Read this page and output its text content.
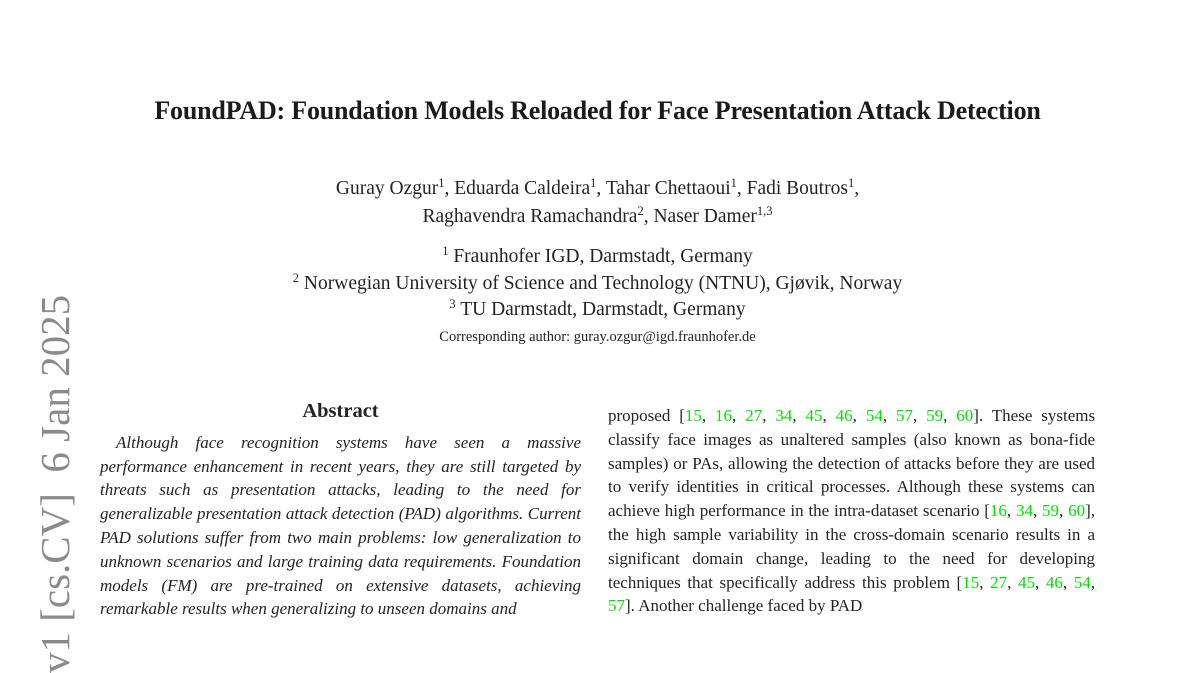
v1 [cs.CV]  6 Jan 2025
FoundPAD: Foundation Models Reloaded for Face Presentation Attack Detection
Guray Ozgur$^1$, Eduarda Caldeira$^1$, Tahar Chettaoui$^1$, Fadi Boutros$^1$,
Raghavendra Ramachandra$^2$, Naser Damer$^{1,3}$
$^1$ Fraunhofer IGD, Darmstadt, Germany
$^2$ Norwegian University of Science and Technology (NTNU), Gjøvik, Norway
$^3$ TU Darmstadt, Darmstadt, Germany
Corresponding author: guray.ozgur@igd.fraunhofer.de
Abstract

Although face recognition systems have seen a massive performance enhancement in recent years, they are still targeted by threats such as presentation attacks, leading to the need for generalizable presentation attack detection (PAD) algorithms. Current PAD solutions suffer from two main problems: low generalization to unknown scenarios and large training data requirements. Foundation models (FM) are pre-trained on extensive datasets, achieving remarkable results when generalizing to unseen domains and

proposed [15, 16, 27, 34, 45, 46, 54, 57, 59, 60]. These systems classify face images as unaltered samples (also known as bona-fide samples) or PAs, allowing the detection of attacks before they are used to verify identities in critical processes. Although these systems can achieve high performance in the intra-dataset scenario [16, 34, 59, 60], the high sample variability in the cross-domain scenario results in a significant domain change, leading to the need for developing techniques that specifically address this problem [15, 27, 45, 46, 54, 57]. Another challenge faced by PAD
